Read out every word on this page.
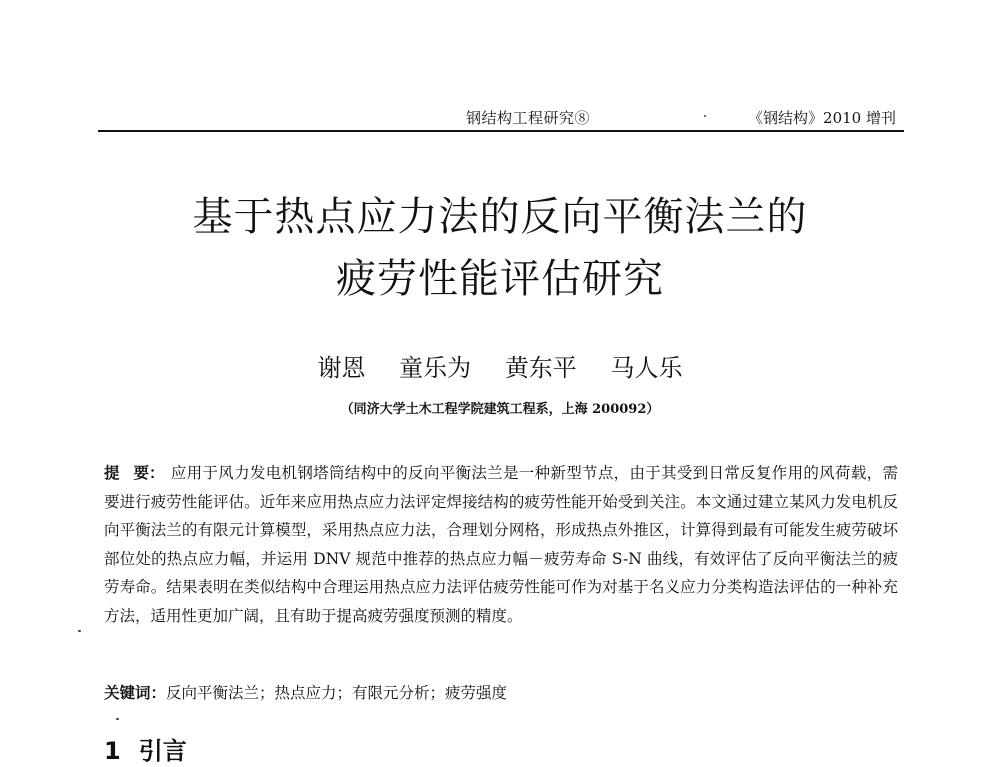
钢结构工程研究⑧	《钢结构》2010 增刊
基于热点应力法的反向平衡法兰的
疲劳性能评估研究
谢恩 童乐为 黄东平 马人乐
（同济大学土木工程学院建筑工程系，上海 200092）
提 要： 应用于风力发电机钢塔筒结构中的反向平衡法兰是一种新型节点，由于其受到日常反复作用的风荷载，需要进行疲劳性能评估。近年来应用热点应力法评定焊接结构的疲劳性能开始受到关注。本文通过建立某风力发电机反向平衡法兰的有限元计算模型，采用热点应力法，合理划分网格，形成热点外推区，计算得到最有可能发生疲劳破坏部位处的热点应力幅，并运用 DNV 规范中推荐的热点应力幅－疲劳寿命 S-N 曲线，有效评估了反向平衡法兰的疲劳寿命。结果表明在类似结构中合理运用热点应力法评估疲劳性能可作为对基于名义应力分类构造法评估的一种补充方法，适用性更加广阔，且有助于提高疲劳强度预测的精度。
关键词：反向平衡法兰；热点应力；有限元分析；疲劳强度
1 引言
